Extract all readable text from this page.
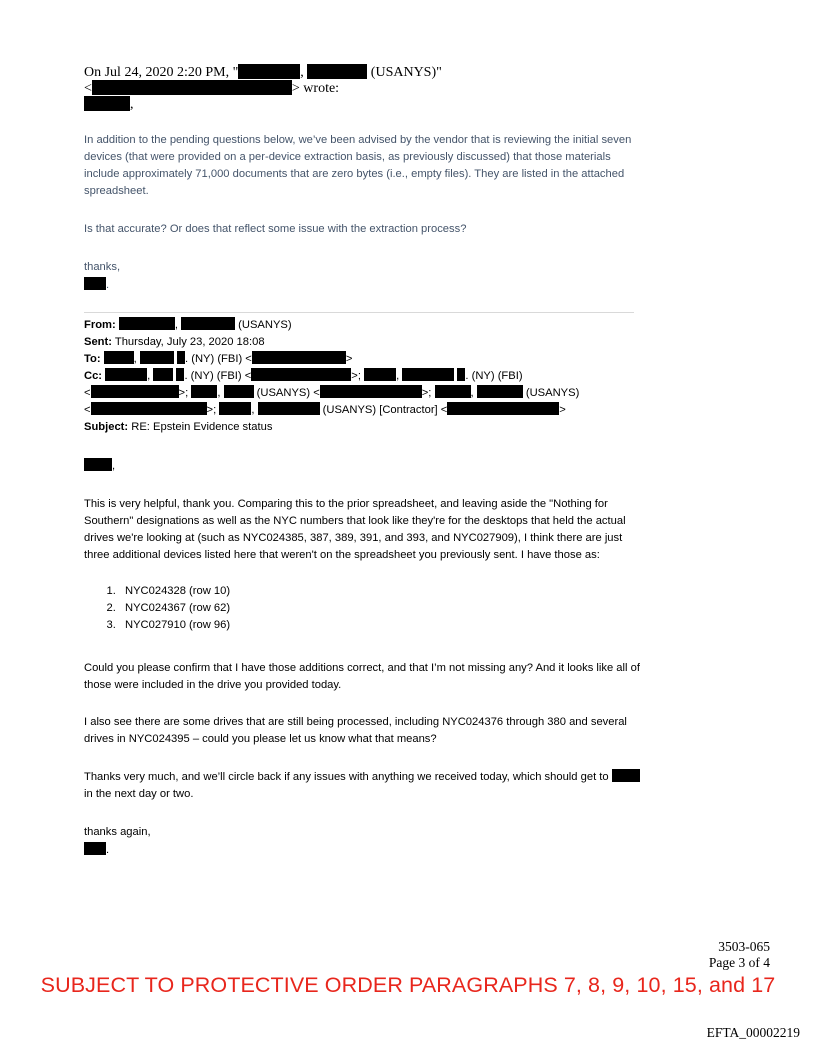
On Jul 24, 2020 2:20 PM, "	,	(USANYS)"
<	> wrote:
,
In addition to the pending questions below, we’ve been advised by the vendor that is reviewing the initial seven devices (that were provided on a per-device extraction basis, as previously discussed) that those materials include approximately 71,000 documents that are zero bytes (i.e., empty files). They are listed in the attached spreadsheet.
Is that accurate? Or does that reflect some issue with the extraction process?
thanks,
.
From:	,	(USANYS)
Sent: Thursday, July 23, 2020 18:08
To:	,	. (NY) (FBI) <	>
Cc:	,	. (NY) (FBI) <	>;	,	. (NY) (FBI)
<	>;	,	(USANYS) <	>;	,	(USANYS)
<	>;	,	(USANYS) [Contractor] <	>
Subject: RE: Epstein Evidence status
,
This is very helpful, thank you. Comparing this to the prior spreadsheet, and leaving aside the "Nothing for Southern" designations as well as the NYC numbers that look like they're for the desktops that held the actual drives we're looking at (such as NYC024385, 387, 389, 391, and 393, and NYC027909), I think there are just three additional devices listed here that weren't on the spreadsheet you previously sent. I have those as:
1. NYC024328 (row 10)
2. NYC024367 (row 62)
3. NYC027910 (row 96)
Could you please confirm that I have those additions correct, and that I’m not missing any? And it looks like all of those were included in the drive you provided today.
I also see there are some drives that are still being processed, including NYC024376 through 380 and several drives in NYC024395 – could you please let us know what that means?
Thanks very much, and we’ll circle back if any issues with anything we received today, which should get to  in the next day or two.
thanks again,
.
3503-065
Page 3 of 4
SUBJECT TO PROTECTIVE ORDER PARAGRAPHS 7, 8, 9, 10, 15, and 17
EFTA_00002219
